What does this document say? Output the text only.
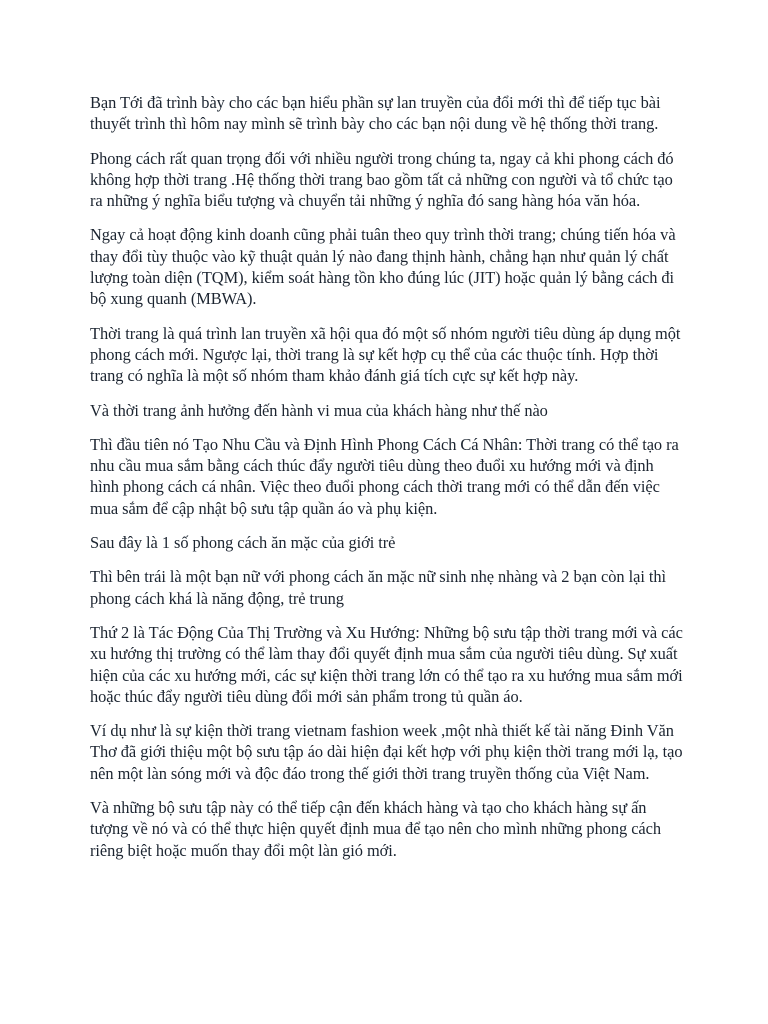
Bạn Tới đã trình bày cho các bạn hiểu phần sự lan truyền của đổi mới thì để tiếp tục bài thuyết trình thì hôm nay mình sẽ trình bày cho các bạn nội dung về hệ thống thời trang.

Phong cách rất quan trọng đối với nhiều người trong chúng ta, ngay cả khi phong cách đó không hợp thời trang .Hệ thống thời trang bao gồm tất cả những con người và tổ chức tạo ra những ý nghĩa biểu tượng và chuyển tải những ý nghĩa đó sang hàng hóa văn hóa.

Ngay cả hoạt động kinh doanh cũng phải tuân theo quy trình thời trang; chúng tiến hóa và thay đổi tùy thuộc vào kỹ thuật quản lý nào đang thịnh hành, chẳng hạn như quản lý chất lượng toàn diện (TQM), kiểm soát hàng tồn kho đúng lúc (JIT) hoặc quản lý bằng cách đi bộ xung quanh (MBWA).

Thời trang là quá trình lan truyền xã hội qua đó một số nhóm người tiêu dùng áp dụng một phong cách mới. Ngược lại, thời trang là sự kết hợp cụ thể của các thuộc tính. Hợp thời trang có nghĩa là một số nhóm tham khảo đánh giá tích cực sự kết hợp này.

Và thời trang ảnh hưởng đến hành vi mua của khách hàng như thế nào

Thì đầu tiên nó Tạo Nhu Cầu và Định Hình Phong Cách Cá Nhân: Thời trang có thể tạo ra nhu cầu mua sắm bằng cách thúc đẩy người tiêu dùng theo đuổi xu hướng mới và định hình phong cách cá nhân. Việc theo đuổi phong cách thời trang mới có thể dẫn đến việc mua sắm để cập nhật bộ sưu tập quần áo và phụ kiện.

Sau đây là 1 số phong cách ăn mặc của giới trẻ

Thì bên trái là một bạn nữ với phong cách ăn mặc nữ sinh nhẹ nhàng và 2 bạn còn lại thì phong cách khá là năng động, trẻ trung

Thứ 2 là Tác Động Của Thị Trường và Xu Hướng: Những bộ sưu tập thời trang mới và các xu hướng thị trường có thể làm thay đổi quyết định mua sắm của người tiêu dùng. Sự xuất hiện của các xu hướng mới, các sự kiện thời trang lớn có thể tạo ra xu hướng mua sắm mới hoặc thúc đẩy người tiêu dùng đổi mới sản phẩm trong tủ quần áo.

Ví dụ như là sự kiện thời trang vietnam fashion week ,một nhà thiết kế tài năng Đinh Văn Thơ đã giới thiệu một bộ sưu tập áo dài hiện đại kết hợp với phụ kiện thời trang mới lạ, tạo nên một làn sóng mới và độc đáo trong thế giới thời trang truyền thống của Việt Nam.

Và những bộ sưu tập này có thể tiếp cận đến khách hàng và tạo cho khách hàng sự ấn tượng về nó và có thể thực hiện quyết định mua để tạo nên cho mình những phong cách riêng biệt hoặc muốn thay đổi một làn gió mới.
